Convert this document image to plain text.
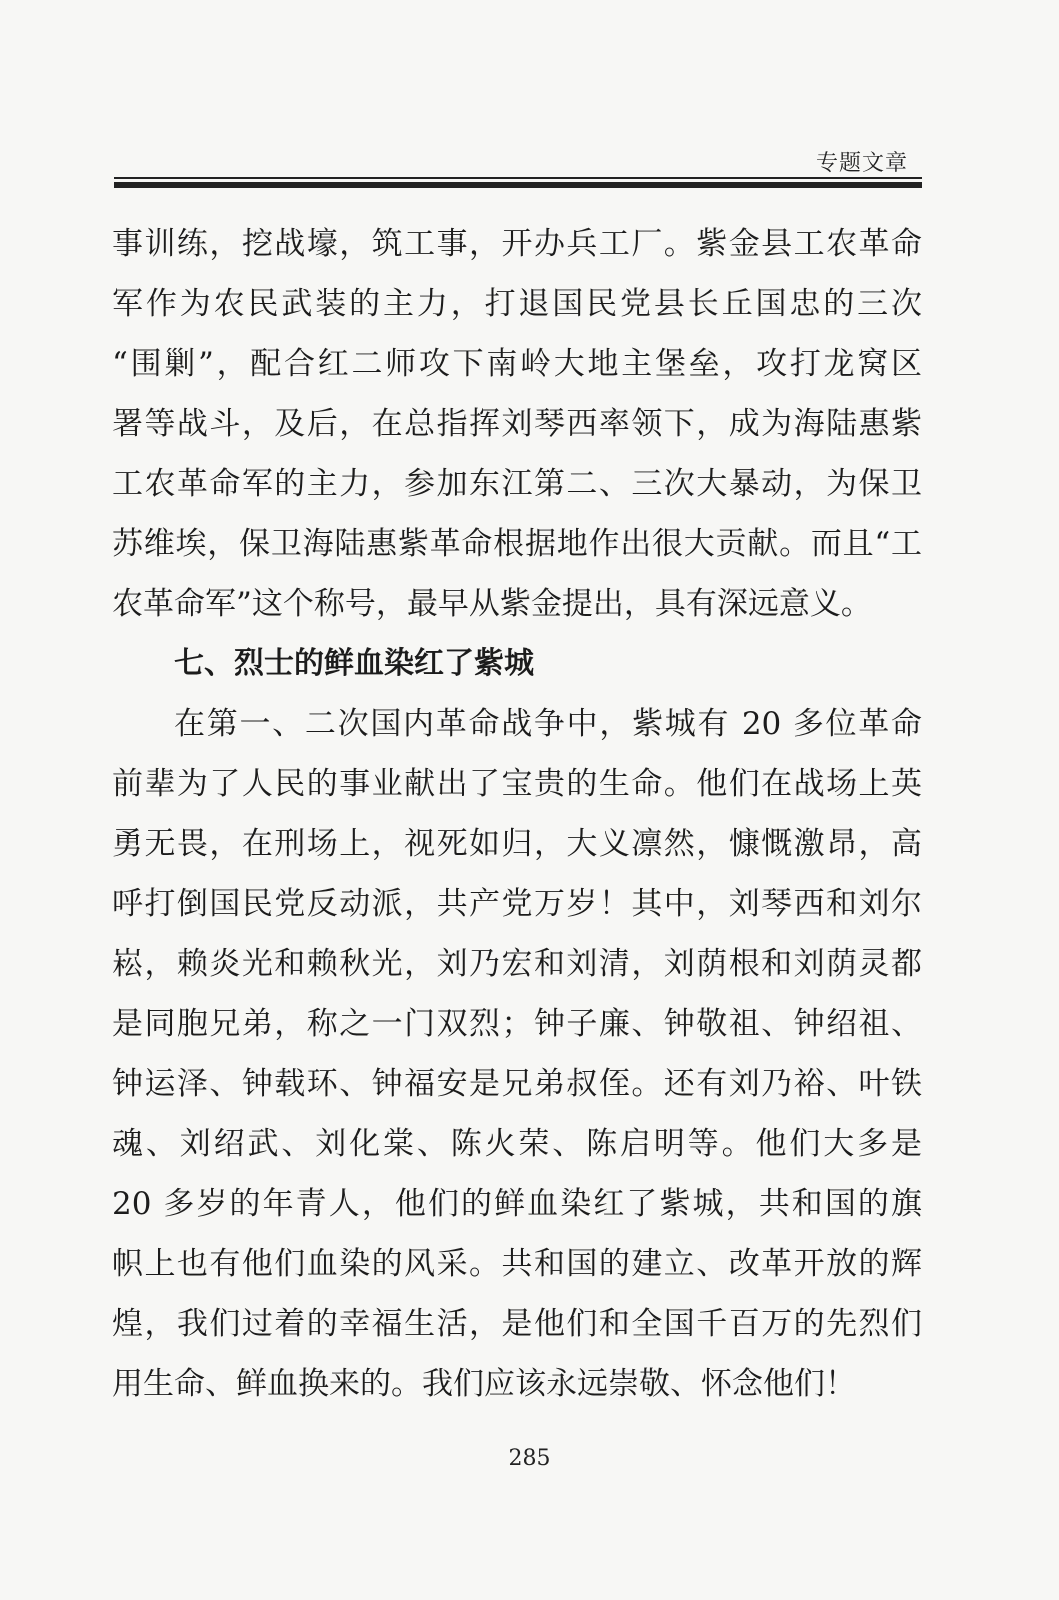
专题文章
事训练，挖战壕，筑工事，开办兵工厂。紫金县工农革命
军作为农民武装的主力，打退国民党县长丘国忠的三次
“围剿”，配合红二师攻下南岭大地主堡垒，攻打龙窝区
署等战斗，及后，在总指挥刘琴西率领下，成为海陆惠紫
工农革命军的主力，参加东江第二、三次大暴动，为保卫
苏维埃，保卫海陆惠紫革命根据地作出很大贡献。而且“工
农革命军”这个称号，最早从紫金提出，具有深远意义。
七、烈士的鲜血染红了紫城
在第一、二次国内革命战争中，紫城有 20 多位革命
前辈为了人民的事业献出了宝贵的生命。他们在战场上英
勇无畏，在刑场上，视死如归，大义凛然，慷慨激昂，高
呼打倒国民党反动派，共产党万岁！其中，刘琴西和刘尔
崧，赖炎光和赖秋光，刘乃宏和刘清，刘荫根和刘荫灵都
是同胞兄弟，称之一门双烈；钟子廉、钟敬祖、钟绍祖、
钟运泽、钟载环、钟福安是兄弟叔侄。还有刘乃裕、叶铁
魂、刘绍武、刘化棠、陈火荣、陈启明等。他们大多是
20 多岁的年青人，他们的鲜血染红了紫城，共和国的旗
帜上也有他们血染的风采。共和国的建立、改革开放的辉
煌，我们过着的幸福生活，是他们和全国千百万的先烈们
用生命、鲜血换来的。我们应该永远崇敬、怀念他们！
285
